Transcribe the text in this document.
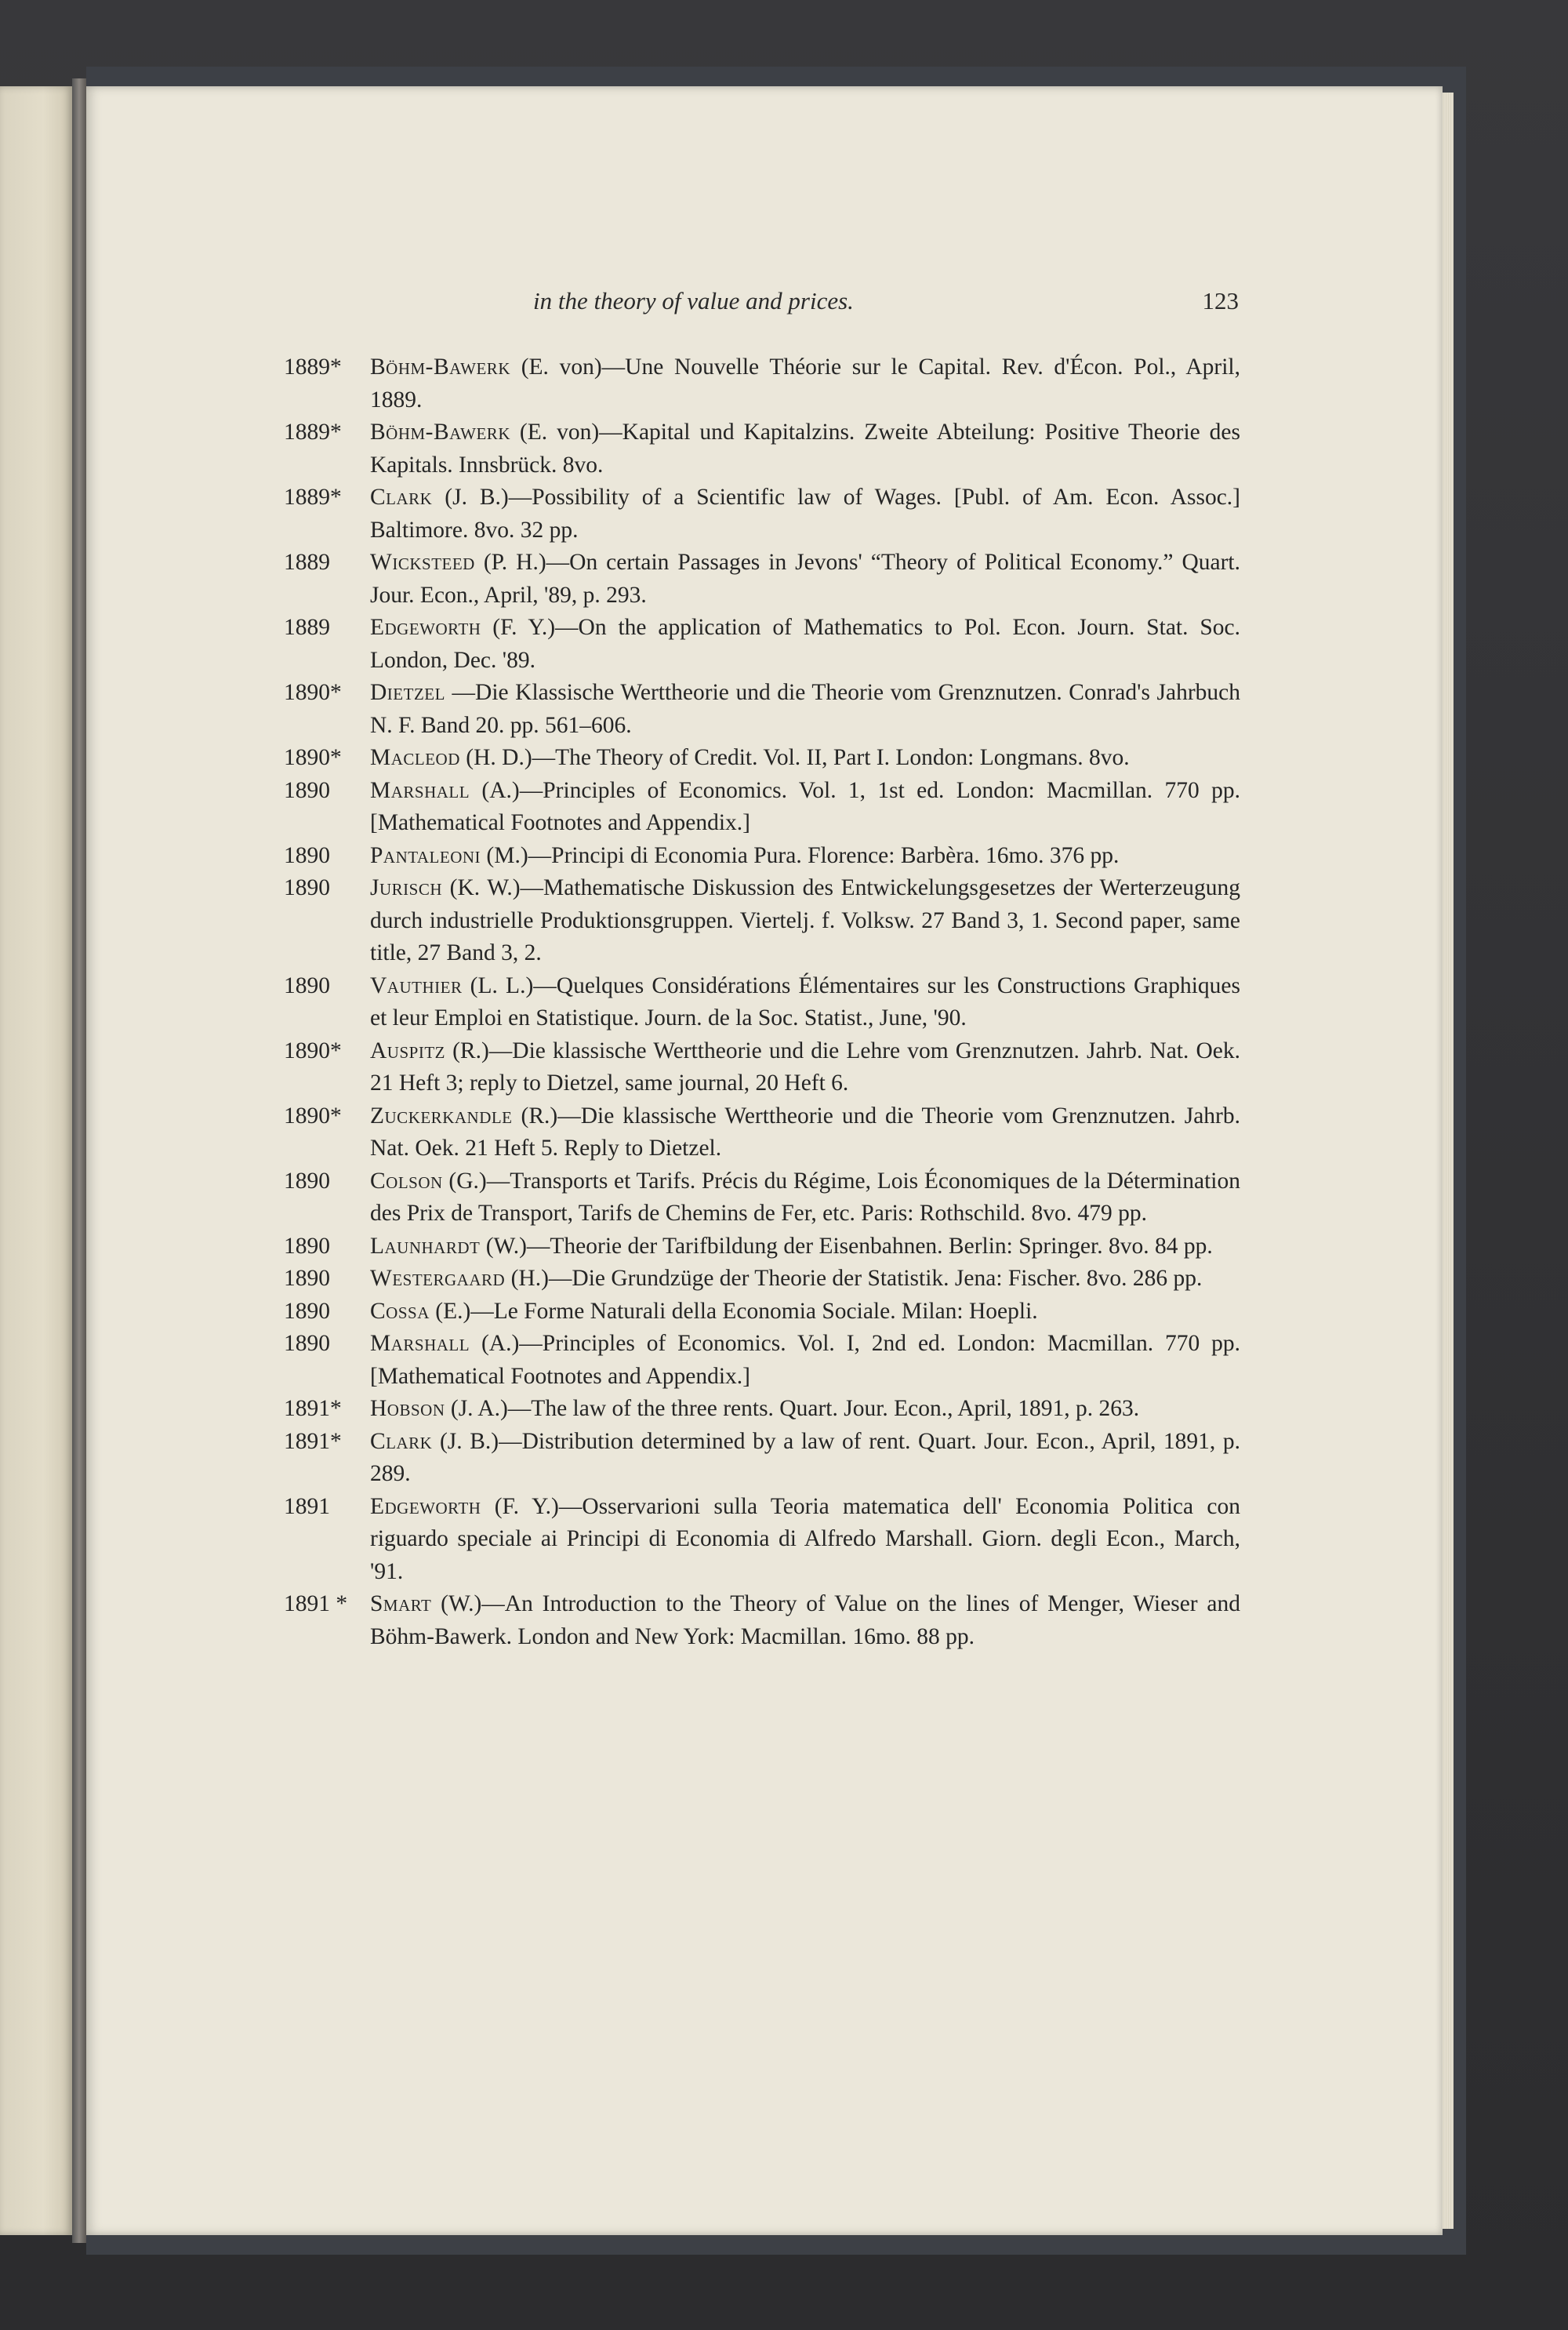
in the theory of value and prices.	123
1889*	Böhm-Bawerk (E. von)—Une Nouvelle Théorie sur le Capital. Rev. d'Écon. Pol., April, 1889.
1889*	Böhm-Bawerk (E. von)—Kapital und Kapitalzins. Zweite Abteilung: Positive Theorie des Kapitals. Innsbrück. 8vo.
1889*	Clark (J. B.)—Possibility of a Scientific law of Wages. [Publ. of Am. Econ. Assoc.] Baltimore. 8vo. 32 pp.
1889	Wicksteed (P. H.)—On certain Passages in Jevons' “Theory of Political Economy.” Quart. Jour. Econ., April, '89, p. 293.
1889	Edgeworth (F. Y.)—On the application of Mathematics to Pol. Econ. Journ. Stat. Soc. London, Dec. '89.
1890*	Dietzel —Die Klassische Werttheorie und die Theorie vom Grenznutzen. Conrad's Jahrbuch N. F. Band 20. pp. 561–606.
1890*	Macleod (H. D.)—The Theory of Credit. Vol. II, Part I. London: Longmans. 8vo.
1890	Marshall (A.)—Principles of Economics. Vol. 1, 1st ed. London: Macmillan. 770 pp. [Mathematical Footnotes and Appendix.]
1890	Pantaleoni (M.)—Principi di Economia Pura. Florence: Barbèra. 16mo. 376 pp.
1890	Jurisch (K. W.)—Mathematische Diskussion des Entwickelungsgesetzes der Werterzeugung durch industrielle Produktionsgruppen. Viertelj. f. Volksw. 27 Band 3, 1. Second paper, same title, 27 Band 3, 2.
1890	Vauthier (L. L.)—Quelques Considérations Élémentaires sur les Constructions Graphiques et leur Emploi en Statistique. Journ. de la Soc. Statist., June, '90.
1890*	Auspitz (R.)—Die klassische Werttheorie und die Lehre vom Grenznutzen. Jahrb. Nat. Oek. 21 Heft 3; reply to Dietzel, same journal, 20 Heft 6.
1890*	Zuckerkandle (R.)—Die klassische Werttheorie und die Theorie vom Grenznutzen. Jahrb. Nat. Oek. 21 Heft 5. Reply to Dietzel.
1890	Colson (G.)—Transports et Tarifs. Précis du Régime, Lois Économiques de la Détermination des Prix de Transport, Tarifs de Chemins de Fer, etc. Paris: Rothschild. 8vo. 479 pp.
1890	Launhardt (W.)—Theorie der Tarifbildung der Eisenbahnen. Berlin: Springer. 8vo. 84 pp.
1890	Westergaard (H.)—Die Grundzüge der Theorie der Statistik. Jena: Fischer. 8vo. 286 pp.
1890	Cossa (E.)—Le Forme Naturali della Economia Sociale. Milan: Hoepli.
1890	Marshall (A.)—Principles of Economics. Vol. I, 2nd ed. London: Macmillan. 770 pp. [Mathematical Footnotes and Appendix.]
1891*	Hobson (J. A.)—The law of the three rents. Quart. Jour. Econ., April, 1891, p. 263.
1891*	Clark (J. B.)—Distribution determined by a law of rent. Quart. Jour. Econ., April, 1891, p. 289.
1891	Edgeworth (F. Y.)—Osservarioni sulla Teoria matematica dell' Economia Politica con riguardo speciale ai Principi di Economia di Alfredo Marshall. Giorn. degli Econ., March, '91.
1891 * Smart (W.)—An Introduction to the Theory of Value on the lines of Menger, Wieser and Böhm-Bawerk. London and New York: Macmillan. 16mo. 88 pp.
